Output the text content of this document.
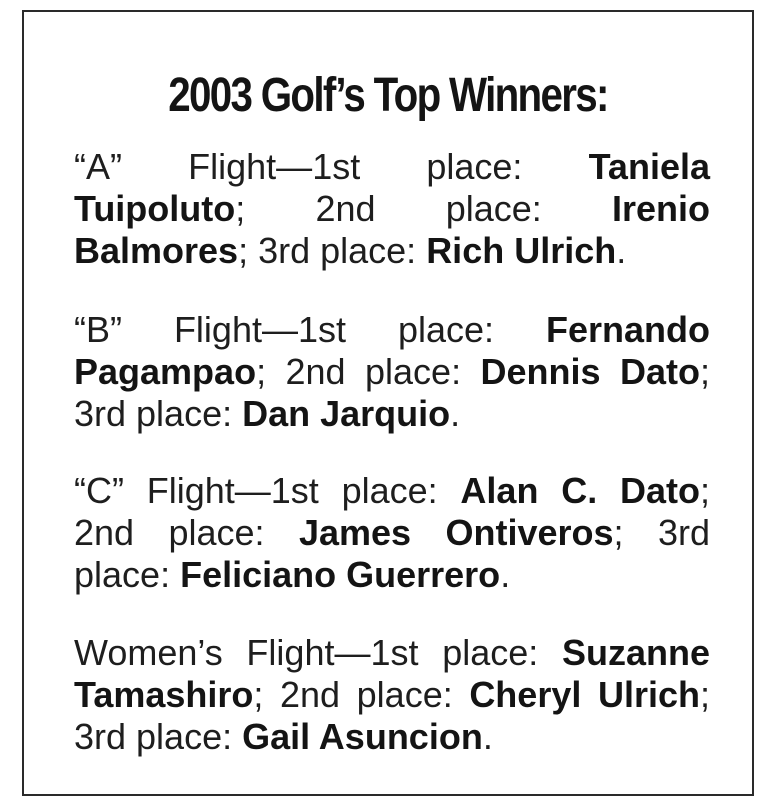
2003 Golf’s Top Winners:
“A” Flight—1st place: Taniela Tuipoluto; 2nd place: Irenio Balmores; 3rd place: Rich Ulrich.
“B” Flight—1st place: Fernando Pagampao; 2nd place: Dennis Dato; 3rd place: Dan Jarquio.
“C” Flight—1st place: Alan C. Dato; 2nd place: James Ontiveros; 3rd place: Feliciano Guerrero.
Women’s Flight—1st place: Suzanne Tamashiro; 2nd place: Cheryl Ulrich; 3rd place: Gail Asuncion.
